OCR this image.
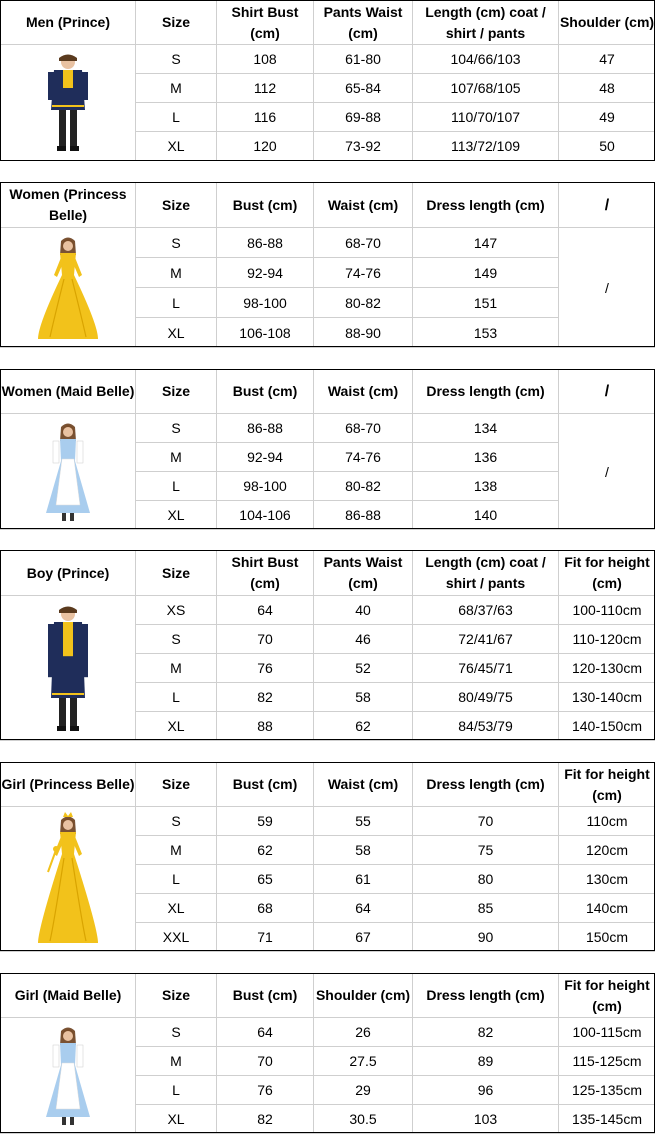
Men (Prince)	Size	Shirt Bust (cm)	Pants Waist (cm)	Length (cm) coat / shirt / pants	Shoulder (cm)

	S	108	61-80	104/66/103	47
	M	112	65-84	107/68/105	48
	L	116	69-88	110/70/107	49
	XL	120	73-92	113/72/109	50
Women (Princess Belle)	Size	Bust (cm)	Waist (cm)	Dress length (cm)	/

	S	86-88	68-70	147	/
	M	92-94	74-76	149	
	L	98-100	80-82	151	
	XL	106-108	88-90	153	
Women (Maid Belle)	Size	Bust (cm)	Waist (cm)	Dress length (cm)	/

	S	86-88	68-70	134	/
	M	92-94	74-76	136	
	L	98-100	80-82	138	
	XL	104-106	86-88	140	
Boy (Prince)	Size	Shirt Bust (cm)	Pants Waist (cm)	Length (cm) coat / shirt / pants	Fit for height (cm)

	XS	64	40	68/37/63	100-110cm
	S	70	46	72/41/67	110-120cm
	M	76	52	76/45/71	120-130cm
	L	82	58	80/49/75	130-140cm
	XL	88	62	84/53/79	140-150cm
Girl (Princess Belle)	Size	Bust (cm)	Waist (cm)	Dress length (cm)	Fit for height (cm)

	S	59	55	70	110cm
	M	62	58	75	120cm
	L	65	61	80	130cm
	XL	68	64	85	140cm
	XXL	71	67	90	150cm
Girl (Maid Belle)	Size	Bust (cm)	Shoulder (cm)	Dress length (cm)	Fit for height (cm)

	S	64	26	82	100-115cm
	M	70	27.5	89	115-125cm
	L	76	29	96	125-135cm
	XL	82	30.5	103	135-145cm
